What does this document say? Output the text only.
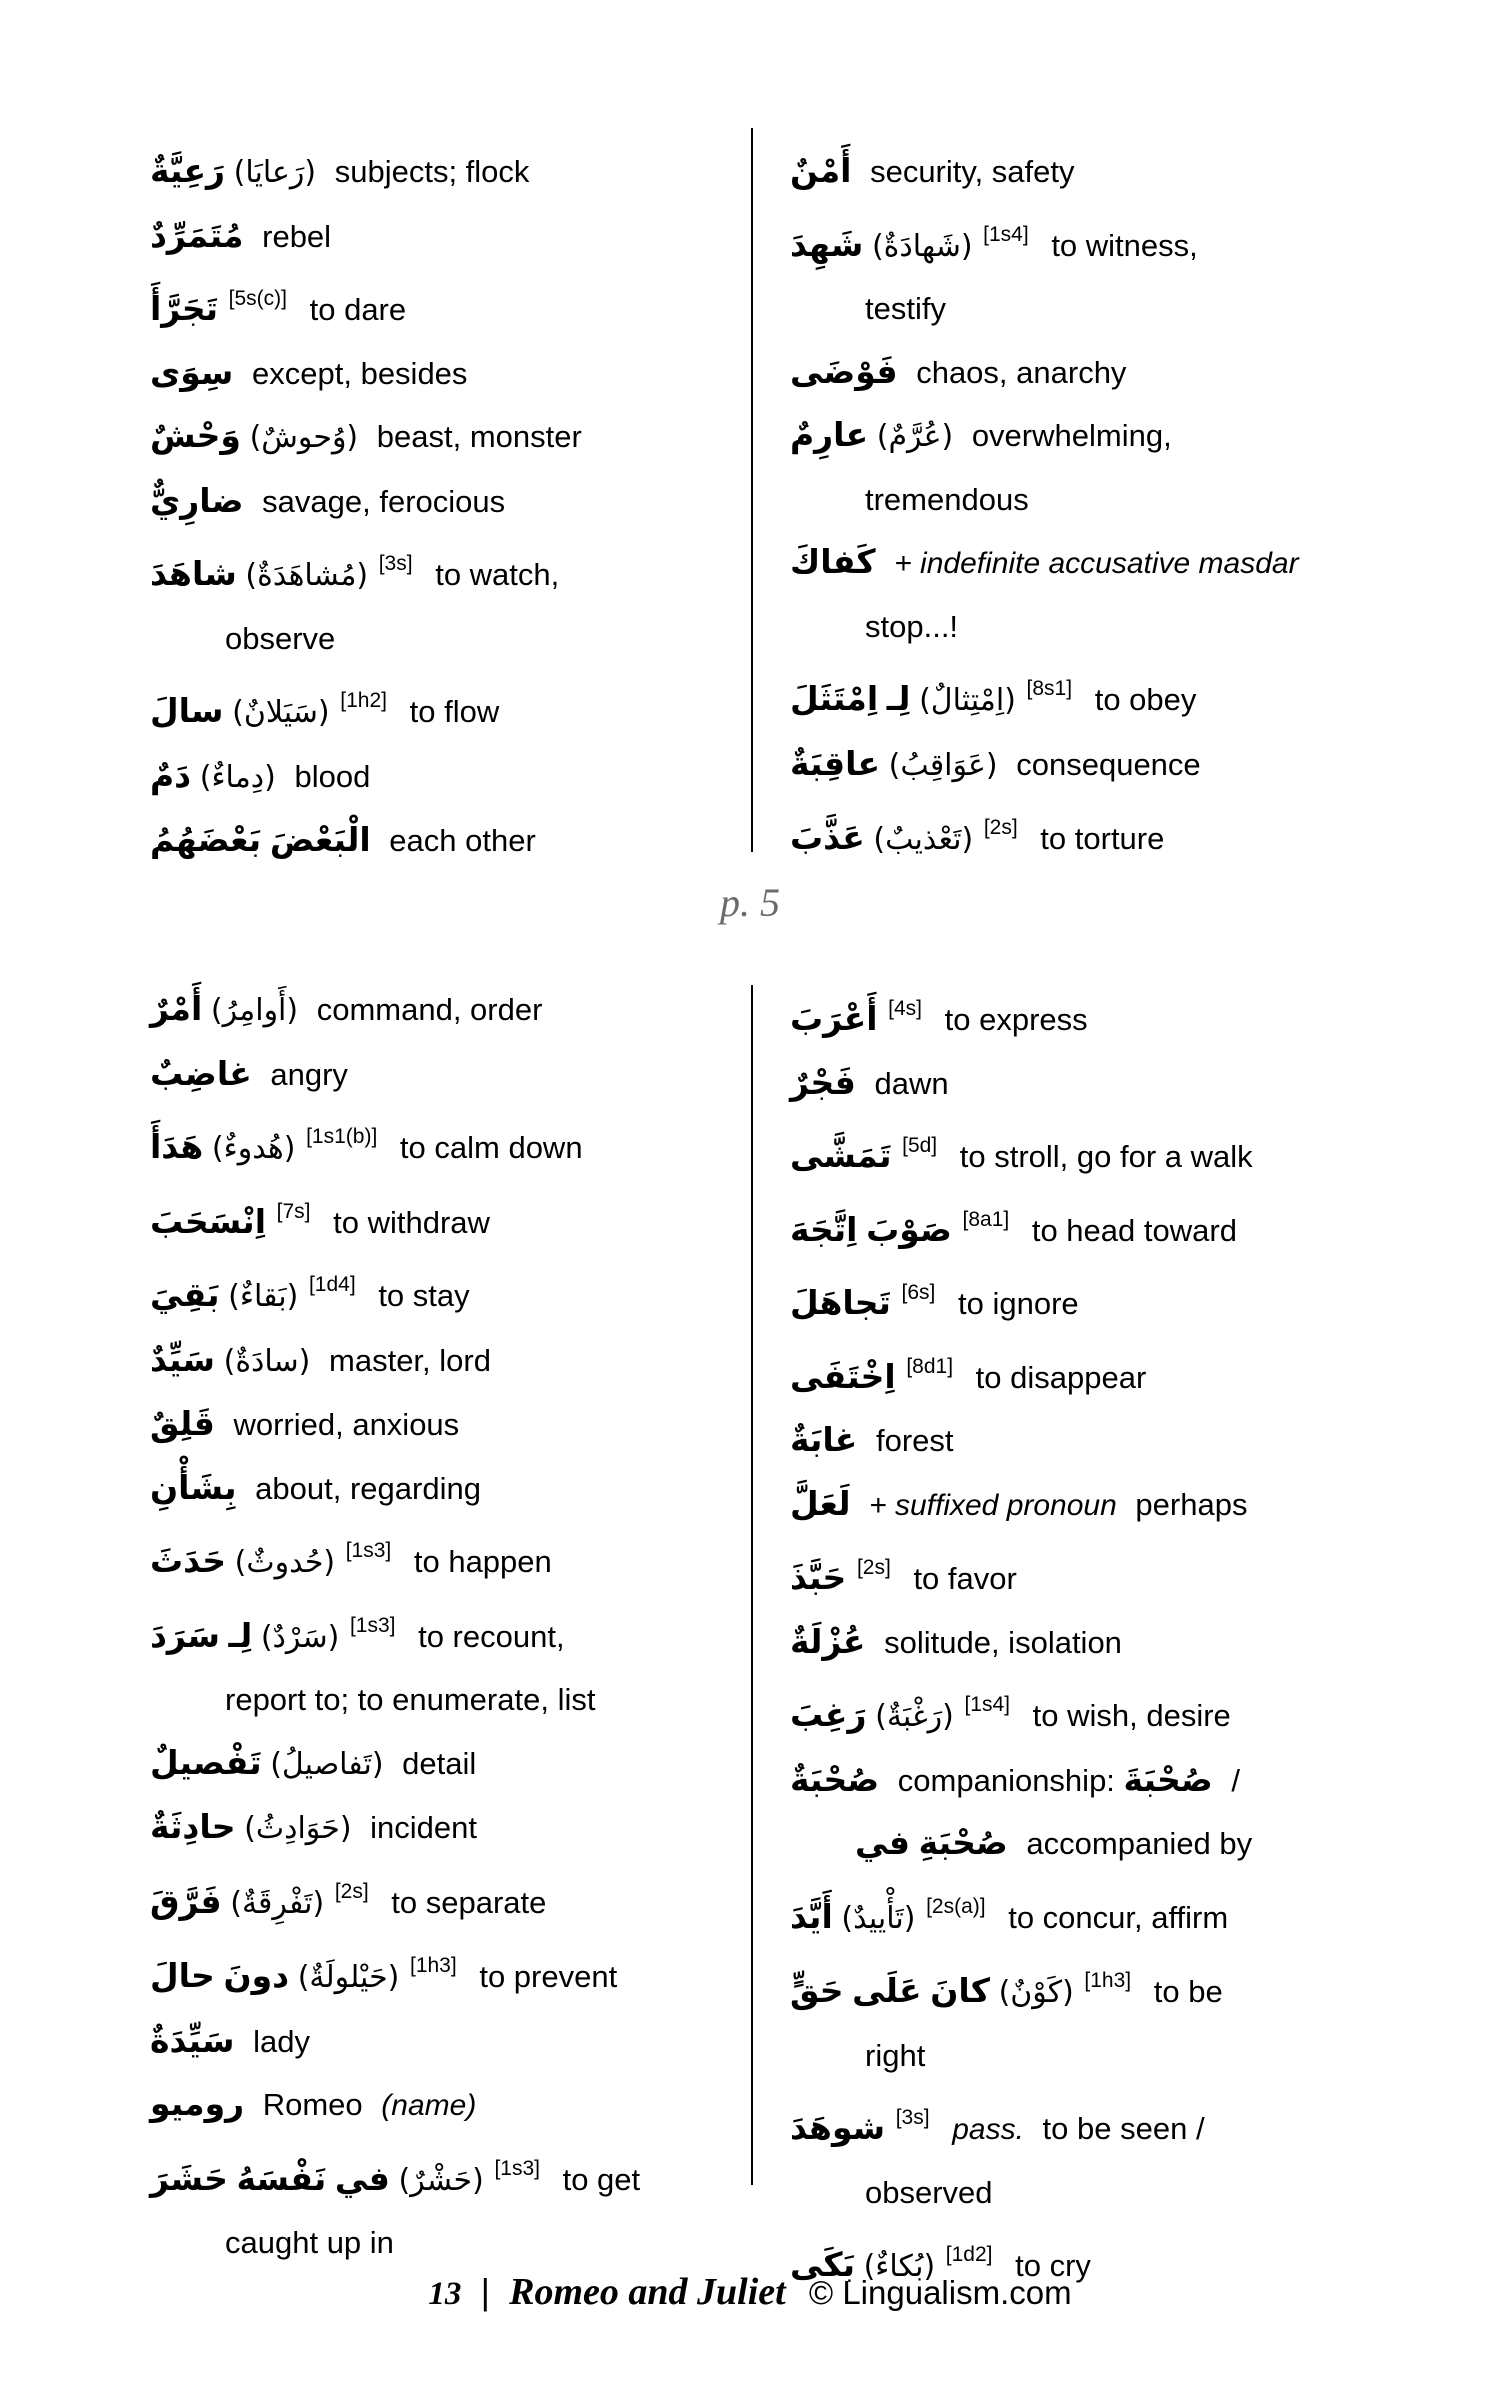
رَعِيَّةٌ (رَعايَا) subjects; flock
مُتَمَرِّدٌ rebel
تَجَرَّأَ [5s(c)] to dare
سِوَى except, besides
وَحْشٌ (وُحوشٌ) beast, monster
ضارِيٌّ savage, ferocious
شاهَدَ (مُشاهَدَةٌ) [3s] to watch,
observe
سالَ (سَيَلانٌ) [1h2] to flow
دَمٌ (دِماءٌ) blood
بَعْضَهُمُ الْبَعْضَ each other
أَمْنٌ security, safety
شَهِدَ (شَهادَةٌ) [1s4] to witness,
testify
فَوْضَى chaos, anarchy
عارِمٌ (عُرَّمٌ) overwhelming,
tremendous
كَفاكَ + indefinite accusative masdar
stop...!
اِمْتَثَلَ لِـ (اِمْتِثالٌ) [8s1] to obey
عاقِبَةٌ (عَوَاقِبُ) consequence
عَذَّبَ (تَعْذيبٌ) [2s] to torture
p. 5
أَمْرٌ (أَوامِرُ) command, order
غاضِبٌ angry
هَدَأَ (هُدوءٌ) [1s1(b)] to calm down
اِنْسَحَبَ [7s] to withdraw
بَقِيَ (بَقاءٌ) [1d4] to stay
سَيِّدٌ (سادَةٌ) master, lord
قَلِقٌ worried, anxious
بِشَأْنِ about, regarding
حَدَثَ (حُدوثٌ) [1s3] to happen
سَرَدَ لِـ (سَرْدٌ) [1s3] to recount,
report to; to enumerate, list
تَفْصيلٌ (تَفاصيلُ) detail
حادِثَةٌ (حَوَادِثُ) incident
فَرَّقَ (تَفْرِقَةٌ) [2s] to separate
حالَ دونَ (حَيْلولَةٌ) [1h3] to prevent
سَيِّدَةٌ lady
روميو Romeo (name)
حَشَرَ نَفْسَهُ في (حَشْرٌ) [1s3] to get
caught up in
أَعْرَبَ [4s] to express
فَجْرٌ dawn
تَمَشَّى [5d] to stroll, go for a walk
اِتَّجَهَ صَوْبَ [8a1] to head toward
تَجاهَلَ [6s] to ignore
اِخْتَفَى [8d1] to disappear
غابَةٌ forest
لَعَلَّ + suffixed pronoun perhaps
حَبَّذَ [2s] to favor
عُزْلَةٌ solitude, isolation
رَغِبَ (رَغْبَةٌ) [1s4] to wish, desire
صُحْبَةٌ companionship: صُحْبَةَ /
في صُحْبَةِ accompanied by
أَيَّدَ (تَأْييدٌ) [2s(a)] to concur, affirm
حَقٍّ عَلَى كانَ (كَوْنٌ) [1h3] to be
right
شوهَدَ [3s] pass. to be seen /
observed
بَكَى (بُكاءٌ) [1d2] to cry
13 | Romeo and Juliet © Lingualism.com
